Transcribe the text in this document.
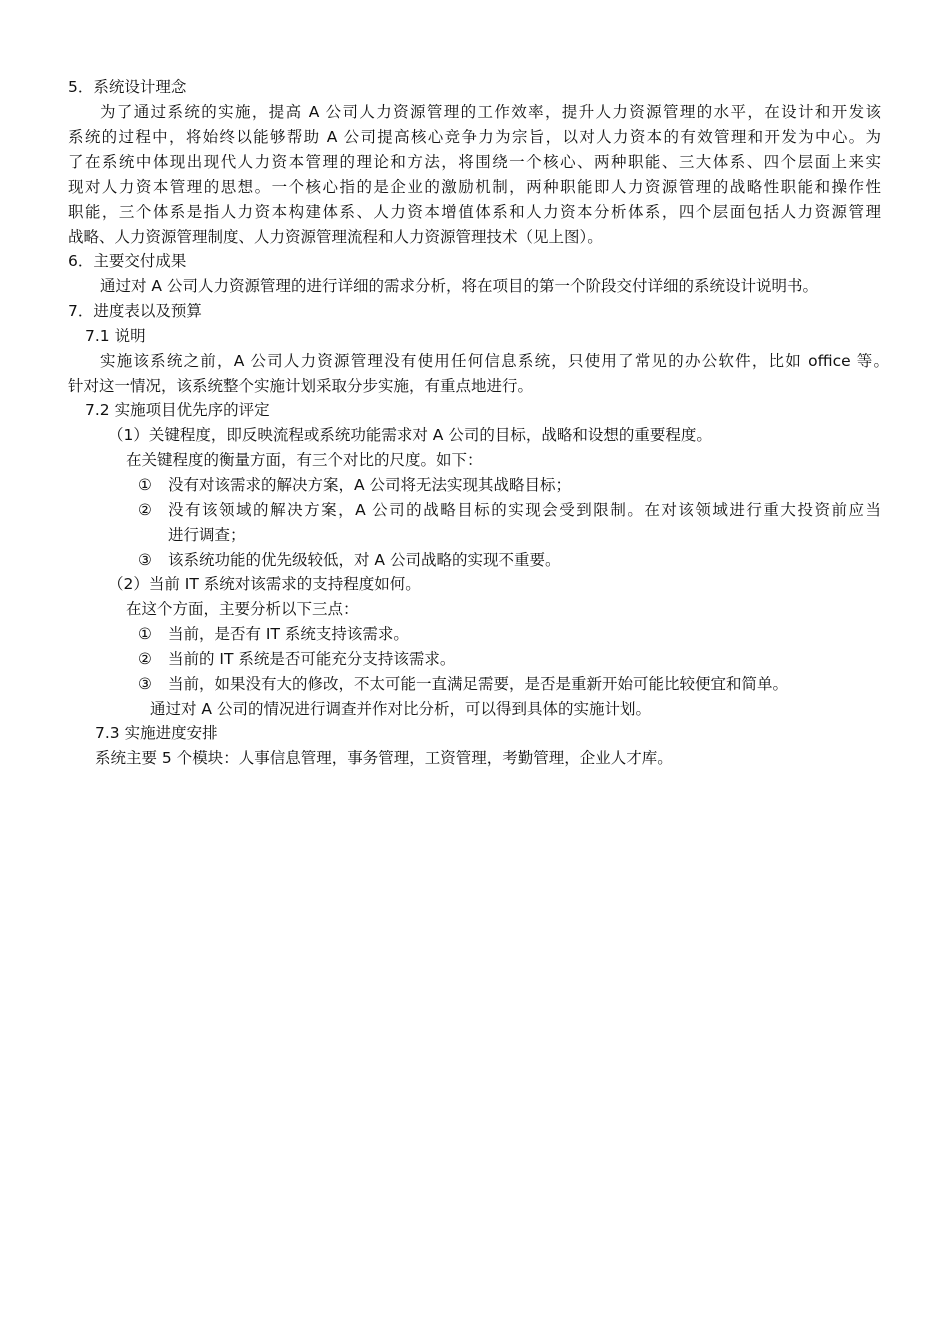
5．系统设计理念
为了通过系统的实施，提高 A 公司人力资源管理的工作效率，提升人力资源管理的水平，在设计和开发该
系统的过程中，将始终以能够帮助 A 公司提高核心竞争力为宗旨，以对人力资本的有效管理和开发为中心。为
了在系统中体现出现代人力资本管理的理论和方法，将围绕一个核心、两种职能、三大体系、四个层面上来实
现对人力资本管理的思想。一个核心指的是企业的激励机制，两种职能即人力资源管理的战略性职能和操作性
职能，三个体系是指人力资本构建体系、人力资本增值体系和人力资本分析体系，四个层面包括人力资源管理
战略、人力资源管理制度、人力资源管理流程和人力资源管理技术（见上图）。
6．主要交付成果
通过对 A 公司人力资源管理的进行详细的需求分析，将在项目的第一个阶段交付详细的系统设计说明书。
7．进度表以及预算
7.1 说明
实施该系统之前，A 公司人力资源管理没有使用任何信息系统，只使用了常见的办公软件，比如 office 等。
针对这一情况，该系统整个实施计划采取分步实施，有重点地进行。
7.2 实施项目优先序的评定
（1）关键程度，即反映流程或系统功能需求对 A 公司的目标，战略和设想的重要程度。
在关键程度的衡量方面，有三个对比的尺度。如下：
① 没有对该需求的解决方案，A 公司将无法实现其战略目标；
② 没有该领域的解决方案，A 公司的战略目标的实现会受到限制。在对该领域进行重大投资前应当
进行调查；
③ 该系统功能的优先级较低，对 A 公司战略的实现不重要。
（2）当前 IT 系统对该需求的支持程度如何。
在这个方面，主要分析以下三点：
① 当前，是否有 IT 系统支持该需求。
② 当前的 IT 系统是否可能充分支持该需求。
③ 当前，如果没有大的修改，不太可能一直满足需要，是否是重新开始可能比较便宜和简单。
通过对 A 公司的情况进行调查并作对比分析，可以得到具体的实施计划。
7.3 实施进度安排
系统主要 5 个模块：人事信息管理，事务管理，工资管理，考勤管理，企业人才库。
